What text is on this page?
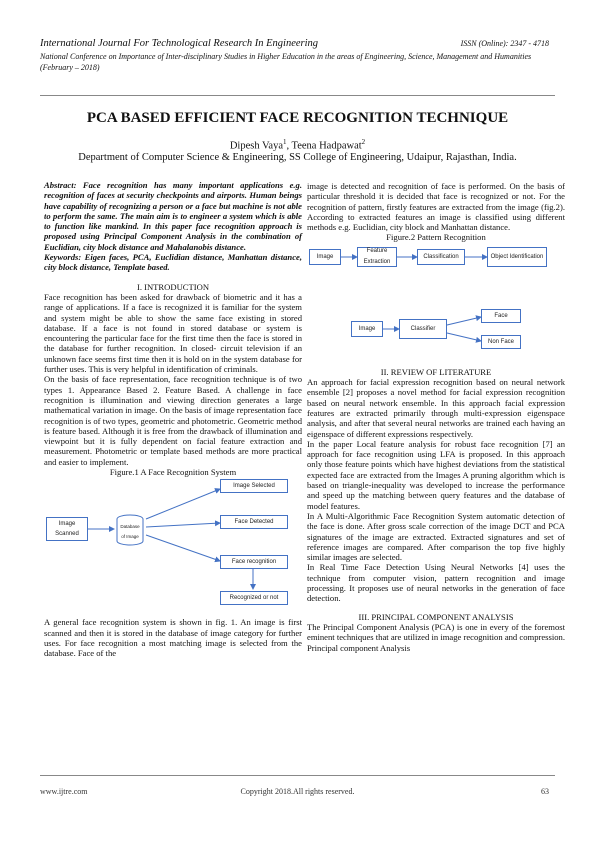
International Journal For Technological Research In Engineering	ISSN (Online): 2347 - 4718
National Conference on Importance of Inter-disciplinary Studies in Higher Education in the areas of Engineering, Science, Management and Humanities
(February – 2018)
PCA BASED EFFICIENT FACE RECOGNITION TECHNIQUE
Dipesh Vaya$^1$, Teena Hadpawat$^2$
Department of Computer Science & Engineering, SS College of Engineering, Udaipur, Rajasthan, India.

Abstract: Face recognition has many important applications e.g. recognition of faces at security checkpoints and airports. Human beings have capability of recognizing a person or a face but machine is not able to perform the same. The main aim is to engineer a system which is able to function like mankind. In this paper face recognition approach is proposed using Principal Component Analysis in the combination of Euclidian, city block distance and Mahalanobis distance.

Keywords: Eigen faces, PCA, Euclidian distance, Manhattan distance, city block distance, Template based.

I. INTRODUCTION

Face recognition has been asked for drawback of biometric and it has a range of applications. If a face is recognized it is familiar for the system and system might be able to show the same face existing in stored database. If a face is not found in stored database or system is encountering the particular face for the first time then the face is stored in the database for further recognition. In closed- circuit television if an unknown face seems first time then it is hold on in the system database for further uses. This is very helpful in identification of criminals.

On the basis of face representation, face recognition technique is of two types 1. Appearance Based 2. Feature Based. A challenge in face recognition is illumination and viewing direction generates a large mathematical variation in image. On the basis of image representation face recognition is of two types, geometric and photometric. Geometric method is feature based. Although it is free from the drawback of illumination and viewpoint but it is fully dependent on facial feature extraction and measurement. Photometric or template based methods are more practical and easier to implement.

Figure.1 A Face Recognition System

Image Scanned
Database of Image
Image Selected
Face Detected
Face recognition
Recognized or not

A general face recognition system is shown in fig. 1. An image is first scanned and then it is stored in the database of image category for further uses. For face recognition a most matching image is selected from the database. Face of the

image is detected and recognition of face is performed. On the basis of particular threshold it is decided that face is recognized or not. For the recognition of pattern, firstly features are extracted from the image (fig.2). According to extracted features an image is classified using different methods e.g. Euclidian, city block and Manhattan distance.

Figure.2 Pattern Recognition

Image
Feature Extraction
Classification	Object Identification
Image	Classifier
Face
Non Face

II. REVIEW OF LITERATURE

An approach for facial expression recognition based on neural network ensemble [2] proposes a novel method for facial expression recognition based on neural network ensemble. In this approach facial expression features are extracted primarily through multi-expression eigenspace analysis, and after that several neural networks are trained each having an eigenspace of different expressions respectively.

In the paper Local feature analysis for robust face recognition [7] an approach for face recognition using LFA is proposed. In this approach only those feature points which have highest deviations from the statistical expected face are extracted from the Images A pruning algorithm which is based on triangle-inequality was developed to increase the performance and speed up the matching between query features and the database of model features.

In A Multi-Algorithmic Face Recognition System automatic detection of the face is done. After gross scale correction of the image DCT and PCA signatures of the image are extracted. Extracted signatures and set of reference images are compared. After comparison the top five highly similar images are selected.

In Real Time Face Detection Using Neural Networks [4] uses the technique from computer vision, pattern recognition and image processing. It proposes use of neural networks in the generation of face detection.

III. PRINCIPAL COMPONENT ANALYSIS

The Principal Component Analysis (PCA) is one in every of the foremost eminent techniques that are utilized in image recognition and compression. Principal component Analysis

www.ijtre.com	Copyright 2018.All rights reserved.	63
